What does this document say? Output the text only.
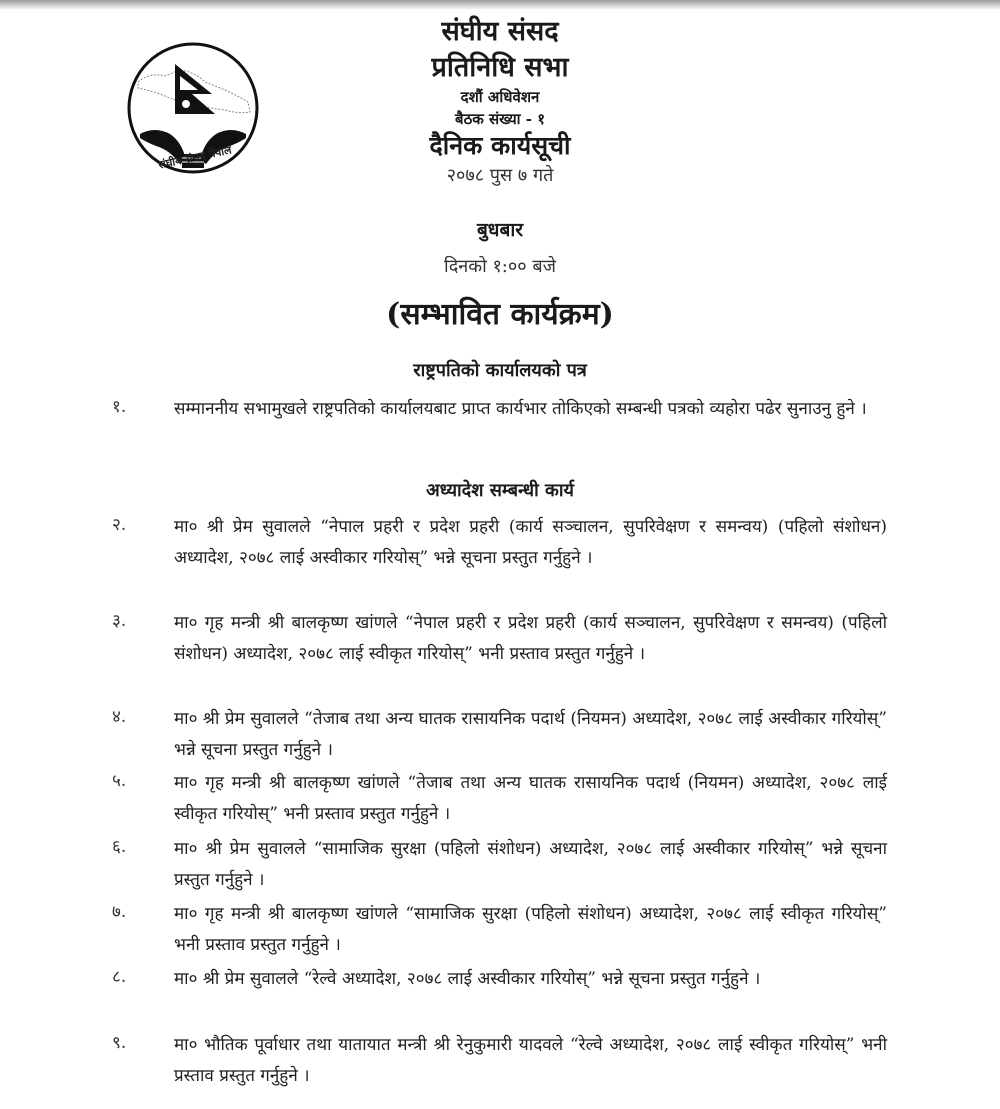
संघीय संसद नेपाल
संघीय संसद
प्रतिनिधि सभा
दशौं अधिवेशन
बैठक संख्या - १
दैनिक कार्यसूची
२०७८ पुस ७ गते
बुधबार
दिनको १:०० बजे
(सम्भावित कार्यक्रम)
राष्ट्रपतिको कार्यालयको पत्र
१.	सम्माननीय सभामुखले राष्ट्रपतिको कार्यालयबाट प्राप्त कार्यभार तोकिएको सम्बन्धी पत्रको व्यहोरा पढेर सुनाउनु हुने ।
अध्यादेश सम्बन्धी कार्य
२.	मा० श्री प्रेम सुवालले “नेपाल प्रहरी र प्रदेश प्रहरी (कार्य सञ्चालन, सुपरिवेक्षण र समन्वय) (पहिलो संशोधन) अध्यादेश, २०७८ लाई अस्वीकार गरियोस्” भन्ने सूचना प्रस्तुत गर्नुहुने ।
३.	मा० गृह मन्त्री श्री बालकृष्ण खांणले “नेपाल प्रहरी र प्रदेश प्रहरी (कार्य सञ्चालन, सुपरिवेक्षण र समन्वय) (पहिलो संशोधन) अध्यादेश, २०७८ लाई स्वीकृत गरियोस्” भनी प्रस्ताव प्रस्तुत गर्नुहुने ।
४.	मा० श्री प्रेम सुवालले “तेजाब तथा अन्य घातक रासायनिक पदार्थ (नियमन) अध्यादेश, २०७८ लाई अस्वीकार गरियोस्” भन्ने सूचना प्रस्तुत गर्नुहुने ।
५.	मा० गृह मन्त्री श्री बालकृष्ण खांणले “तेजाब तथा अन्य घातक रासायनिक पदार्थ (नियमन) अध्यादेश, २०७८ लाई स्वीकृत गरियोस्” भनी प्रस्ताव प्रस्तुत गर्नुहुने ।
६.	मा० श्री प्रेम सुवालले “सामाजिक सुरक्षा (पहिलो संशोधन) अध्यादेश, २०७८ लाई अस्वीकार गरियोस्” भन्ने सूचना प्रस्तुत गर्नुहुने ।
७.	मा० गृह मन्त्री श्री बालकृष्ण खांणले “सामाजिक सुरक्षा (पहिलो संशोधन) अध्यादेश, २०७८ लाई स्वीकृत गरियोस्” भनी प्रस्ताव प्रस्तुत गर्नुहुने ।
८.	मा० श्री प्रेम सुवालले “रेल्वे अध्यादेश, २०७८ लाई अस्वीकार गरियोस्” भन्ने सूचना प्रस्तुत गर्नुहुने ।
९.	मा० भौतिक पूर्वाधार तथा यातायात मन्त्री श्री रेनुकुमारी यादवले “रेल्वे अध्यादेश, २०७८ लाई स्वीकृत गरियोस्” भनी प्रस्ताव प्रस्तुत गर्नुहुने ।
